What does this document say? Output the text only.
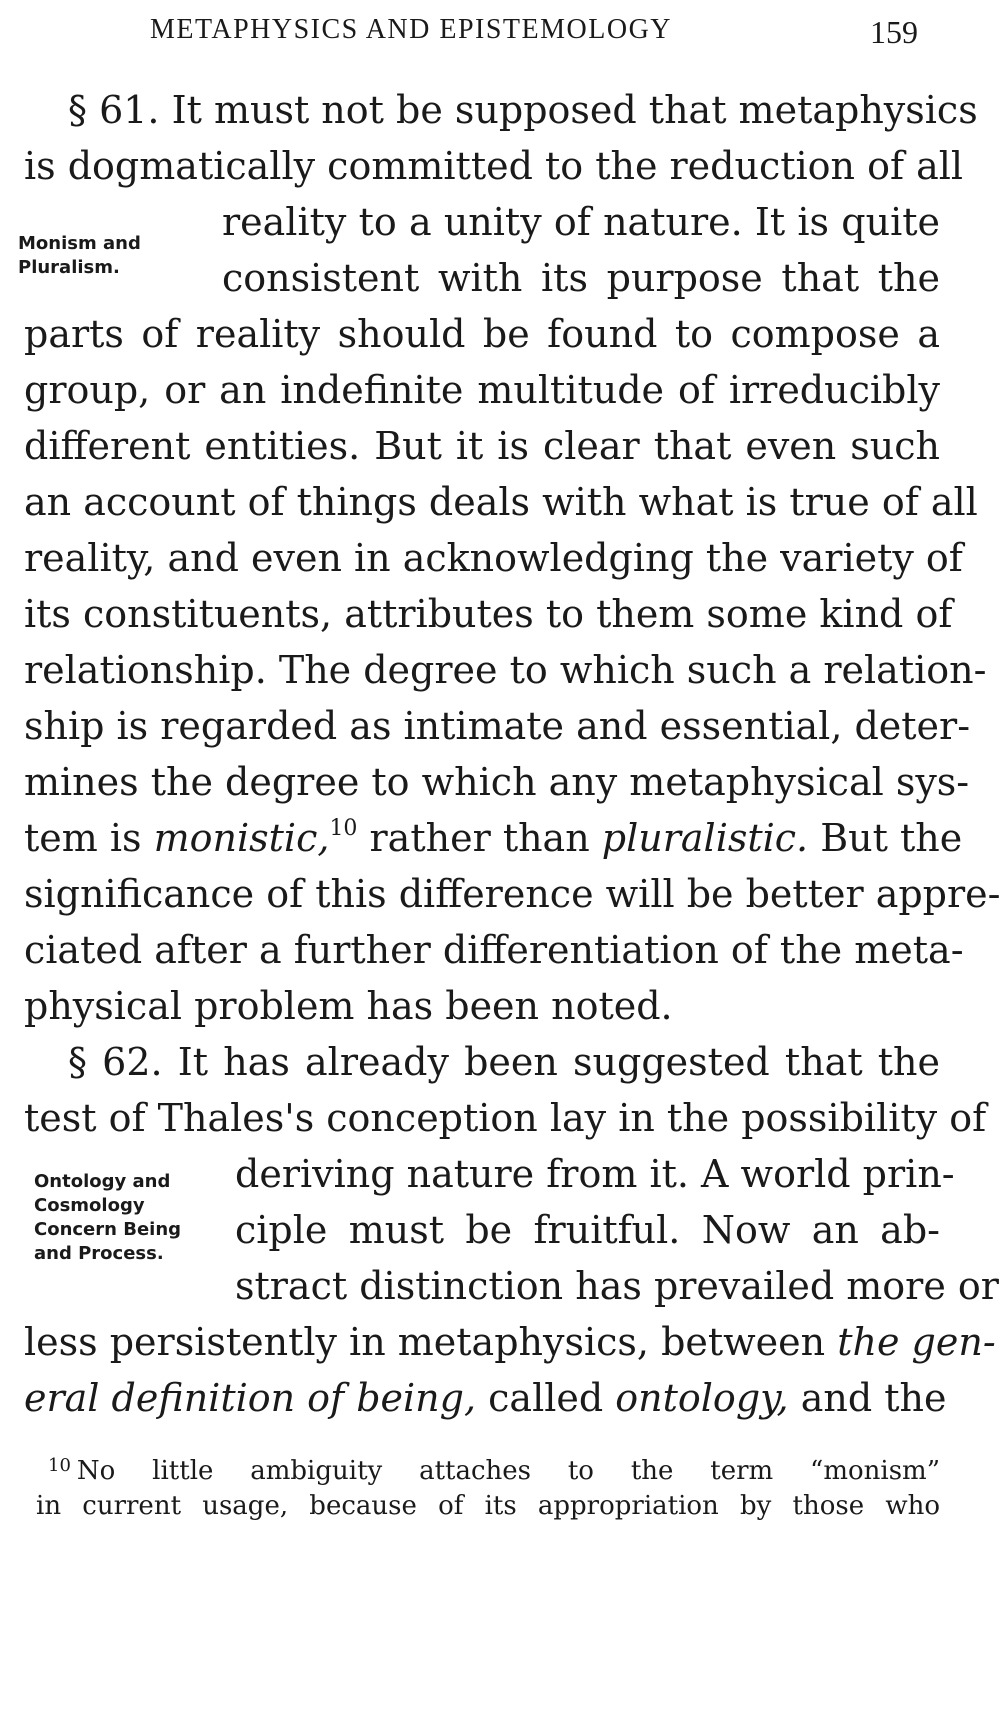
METAPHYSICS AND EPISTEMOLOGY	159
§ 61. It must not be supposed that metaphysics
is dogmatically committed to the reduction of all
reality to a unity of nature. It is quite
consistent with its purpose that the
Monism and
Pluralism.
parts of reality should be found to compose a
group, or an indefinite multitude of irreducibly
different entities. But it is clear that even such
an account of things deals with what is true of all
reality, and even in acknowledging the variety of
its constituents, attributes to them some kind of
relationship. The degree to which such a relation-
ship is regarded as intimate and essential, deter-
mines the degree to which any metaphysical sys-
tem is monistic,$^{10}$ rather than pluralistic. But the
significance of this difference will be better appre-
ciated after a further differentiation of the meta-
physical problem has been noted.
§ 62. It has already been suggested that the
test of Thales's conception lay in the possibility of
deriving nature from it. A world prin-
ciple must be fruitful. Now an ab-
stract distinction has prevailed more or
Ontology and
Cosmology
Concern Being
and Process.
less persistently in metaphysics, between the gen-
eral definition of being, called ontology, and the
$^{10}$ No little ambiguity attaches to the term “monism”
in current usage, because of its appropriation by those who
